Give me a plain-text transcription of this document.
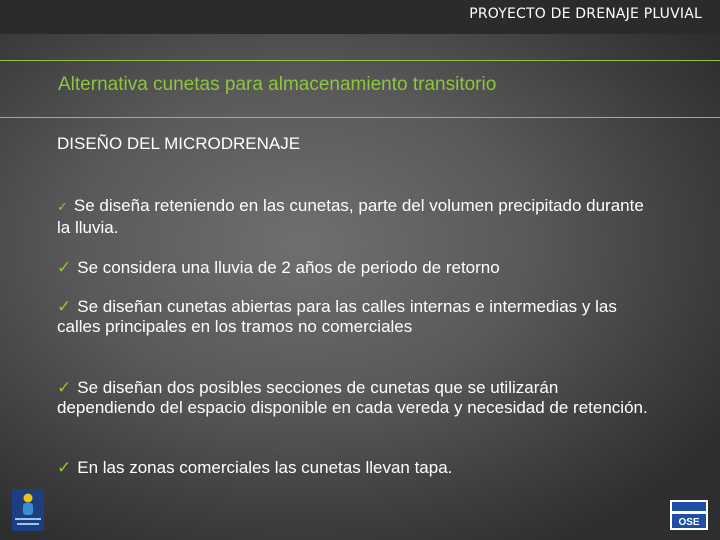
PROYECTO DE DRENAJE PLUVIAL
Alternativa cunetas para almacenamiento transitorio
DISEÑO DEL MICRODRENAJE
✓ Se diseña reteniendo en las cunetas, parte del volumen precipitado durante la lluvia.
✓ Se considera una lluvia de 2 años de periodo de retorno
✓ Se diseñan cunetas abiertas para las calles internas e intermedias y las calles principales en los tramos no comerciales
✓ Se diseñan dos posibles secciones de cunetas que se utilizarán dependiendo del espacio disponible en cada vereda y necesidad de retención.
✓ En las zonas comerciales las cunetas llevan tapa.
OSE
